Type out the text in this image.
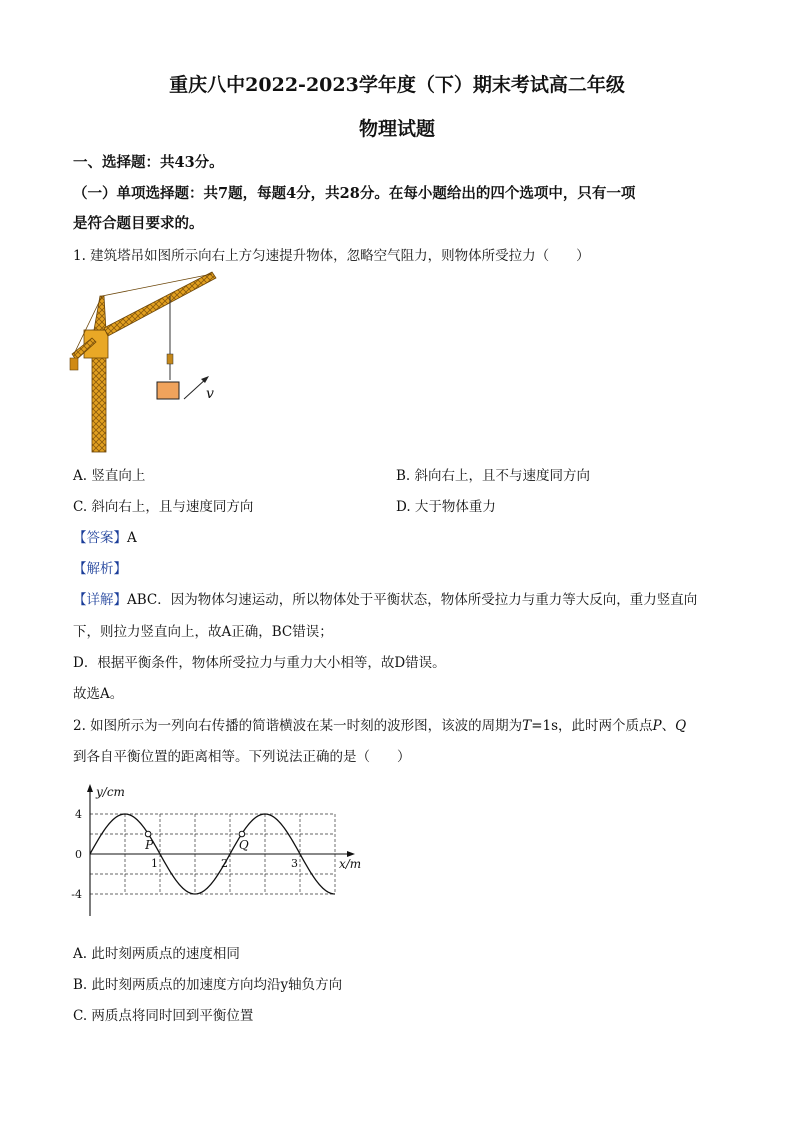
重庆八中2022-2023学年度（下）期末考试高二年级
物理试题
一、选择题：共43分。
（一）单项选择题：共7题，每题4分，共28分。在每小题给出的四个选项中，只有一项
是符合题目要求的。
1. 建筑塔吊如图所示向右上方匀速提升物体，忽略空气阻力，则物体所受拉力（　　）
v
A. 竖直向上	B. 斜向右上，且不与速度同方向
C. 斜向右上，且与速度同方向	D. 大于物体重力
【答案】A
【解析】
【详解】ABC．因为物体匀速运动，所以物体处于平衡状态，物体所受拉力与重力等大反向，重力竖直向
下，则拉力竖直向上，故A正确，BC错误；
D．根据平衡条件，物体所受拉力与重力大小相等，故D错误。
故选A。
2. 如图所示为一列向右传播的简谐横波在某一时刻的波形图，该波的周期为T=1s，此时两个质点P、Q
到各自平衡位置的距离相等。下列说法正确的是（　　）
1	2	3
4
0
-4
P	Q
x/m
y/cm
A. 此时刻两质点的速度相同
B. 此时刻两质点的加速度方向均沿y轴负方向
C. 两质点将同时回到平衡位置
